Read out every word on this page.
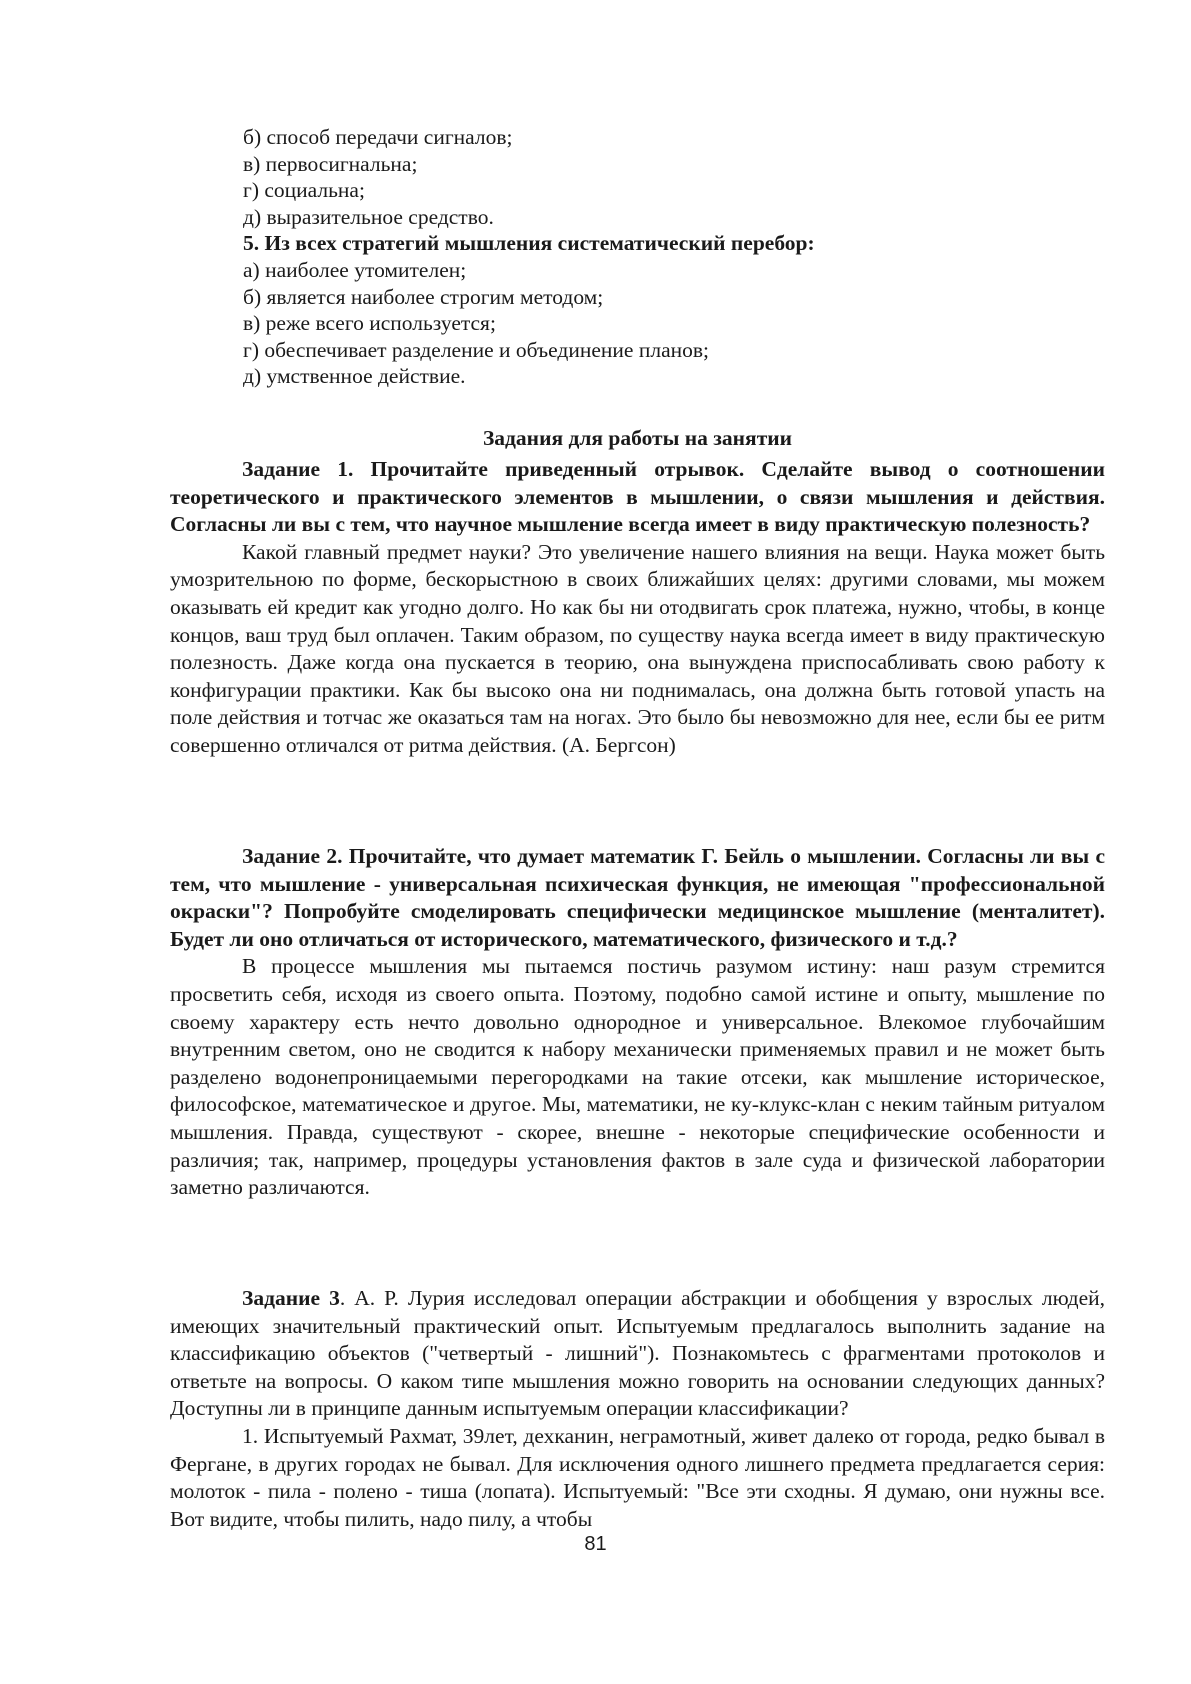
б) способ передачи сигналов;
в) первосигнальна;
г) социальна;
д) выразительное средство.
5. Из всех стратегий мышления систематический перебор:
а) наиболее утомителен;
б) является наиболее строгим методом;
в) реже всего используется;
г) обеспечивает разделение и объединение планов;
д) умственное действие.
Задания для работы на занятии

Задание 1. Прочитайте приведенный отрывок. Сделайте вывод о соотношении теоретического и практического элементов в мышлении, о связи мышления и действия. Согласны ли вы с тем, что научное мышление всегда имеет в виду практическую полезность?

Какой главный предмет науки? Это увеличение нашего влияния на вещи. Наука может быть умозрительною по форме, бескорыстною в своих ближайших целях: другими словами, мы можем оказывать ей кредит как угодно долго. Но как бы ни отодвигать срок платежа, нужно, чтобы, в конце концов, ваш труд был оплачен. Таким образом, по существу наука всегда имеет в виду практическую полезность. Даже когда она пускается в теорию, она вынуждена приспосабливать свою работу к конфигурации практики. Как бы высоко она ни поднималась, она должна быть готовой упасть на поле действия и тотчас же оказаться там на ногах. Это было бы невозможно для нее, если бы ее ритм совершенно отличался от ритма действия. (А. Бергсон)

Задание 2. Прочитайте, что думает математик Г. Бейль о мышлении. Согласны ли вы с тем, что мышление - универсальная психическая функция, не имеющая "профессиональной окраски"? Попробуйте смоделировать специфически медицинское мышление (менталитет). Будет ли оно отличаться от исторического, математического, физического и т.д.?

В процессе мышления мы пытаемся постичь разумом истину: наш разум стремится просветить себя, исходя из своего опыта. Поэтому, подобно самой истине и опыту, мышление по своему характеру есть нечто довольно однородное и универсальное. Влекомое глубочайшим внутренним светом, оно не сводится к набору механически применяемых правил и не может быть разделено водонепроницаемыми перегородками на такие отсеки, как мышление историческое, философское, математическое и другое. Мы, математики, не ку-клукс-клан с неким тайным ритуалом мышления. Правда, существуют - скорее, внешне - некоторые специфические особенности и различия; так, например, процедуры установления фактов в зале суда и физической лаборатории заметно различаются.

Задание 3. А. Р. Лурия исследовал операции абстракции и обобщения у взрослых людей, имеющих значительный практический опыт. Испытуемым предлагалось выполнить задание на классификацию объектов ("четвертый - лишний"). Познакомьтесь с фрагментами протоколов и ответьте на вопросы. О каком типе мышления можно говорить на основании следующих данных? Доступны ли в принципе данным испытуемым операции классификации?

1. Испытуемый Рахмат, 39лет, дехканин, неграмотный, живет далеко от города, редко бывал в Фергане, в других городах не бывал. Для исключения одного лишнего предмета предлагается серия: молоток - пила - полено - тиша (лопата). Испытуемый: "Все эти сходны. Я думаю, они нужны все. Вот видите, чтобы пилить, надо пилу, а чтобы

81
